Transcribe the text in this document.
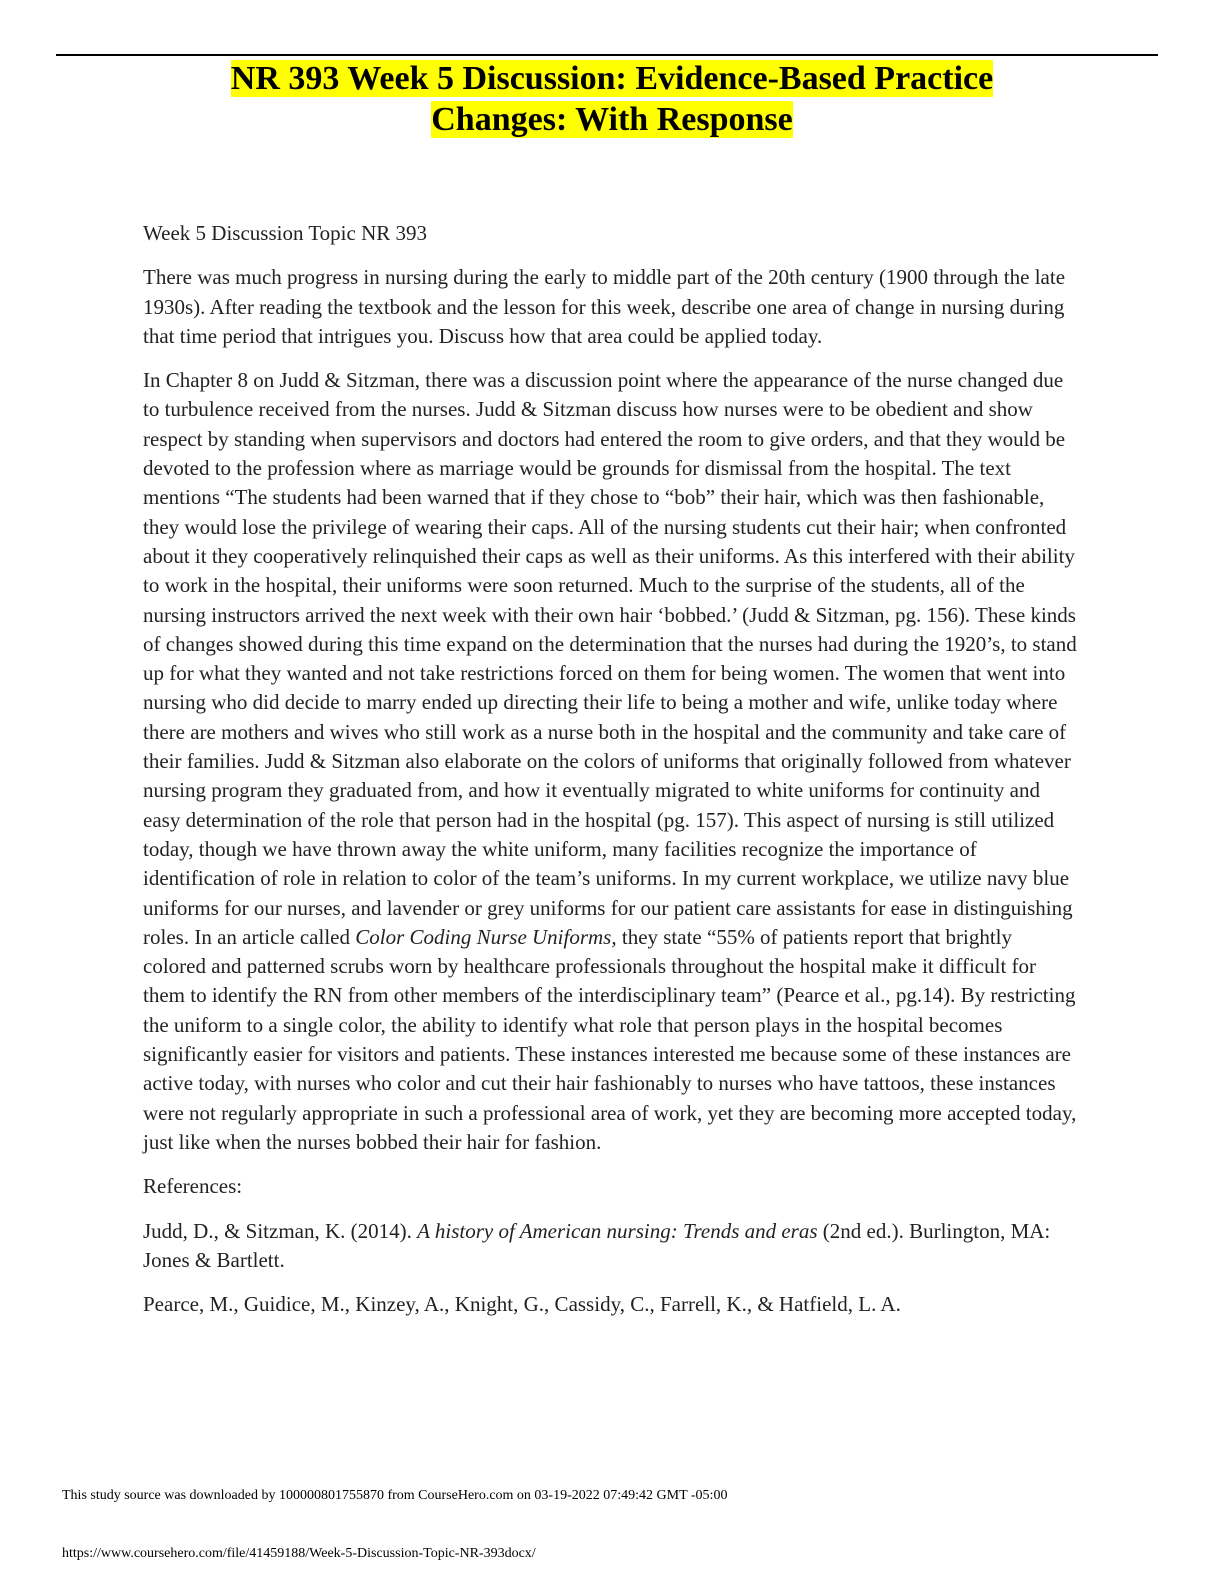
NR 393 Week 5 Discussion: Evidence-Based Practice
Changes: With Response

Week 5 Discussion Topic NR 393

There was much progress in nursing during the early to middle part of the 20th century (1900 through the late 1930s). After reading the textbook and the lesson for this week, describe one area of change in nursing during that time period that intrigues you. Discuss how that area could be applied today.

In Chapter 8 on Judd & Sitzman, there was a discussion point where the appearance of the nurse changed due to turbulence received from the nurses. Judd & Sitzman discuss how nurses were to be obedient and show respect by standing when supervisors and doctors had entered the room to give orders, and that they would be devoted to the profession where as marriage would be grounds for dismissal from the hospital. The text mentions “The students had been warned that if they chose to “bob” their hair, which was then fashionable, they would lose the privilege of wearing their caps. All of the nursing students cut their hair; when confronted about it they cooperatively relinquished their caps as well as their uniforms. As this interfered with their ability to work in the hospital, their uniforms were soon returned. Much to the surprise of the students, all of the nursing instructors arrived the next week with their own hair ‘bobbed.’ (Judd & Sitzman, pg. 156). These kinds of changes showed during this time expand on the determination that the nurses had during the 1920’s, to stand up for what they wanted and not take restrictions forced on them for being women. The women that went into nursing who did decide to marry ended up directing their life to being a mother and wife, unlike today where there are mothers and wives who still work as a nurse both in the hospital and the community and take care of their families. Judd & Sitzman also elaborate on the colors of uniforms that originally followed from whatever nursing program they graduated from, and how it eventually migrated to white uniforms for continuity and easy determination of the role that person had in the hospital (pg. 157). This aspect of nursing is still utilized today, though we have thrown away the white uniform, many facilities recognize the importance of identification of role in relation to color of the team’s uniforms. In my current workplace, we utilize navy blue uniforms for our nurses, and lavender or grey uniforms for our patient care assistants for ease in distinguishing roles. In an article called Color Coding Nurse Uniforms, they state “55% of patients report that brightly colored and patterned scrubs worn by healthcare professionals throughout the hospital make it difficult for them to identify the RN from other members of the interdisciplinary team” (Pearce et al., pg.14). By restricting the uniform to a single color, the ability to identify what role that person plays in the hospital becomes significantly easier for visitors and patients. These instances interested me because some of these instances are active today, with nurses who color and cut their hair fashionably to nurses who have tattoos, these instances were not regularly appropriate in such a professional area of work, yet they are becoming more accepted today, just like when the nurses bobbed their hair for fashion.

References:

Judd, D., & Sitzman, K. (2014). A history of American nursing: Trends and eras (2nd ed.). Burlington, MA: Jones & Bartlett.

Pearce, M., Guidice, M., Kinzey, A., Knight, G., Cassidy, C., Farrell, K., & Hatfield, L. A.

This study source was downloaded by 100000801755870 from CourseHero.com on 03-19-2022 07:49:42 GMT -05:00
https://www.coursehero.com/file/41459188/Week-5-Discussion-Topic-NR-393docx/
